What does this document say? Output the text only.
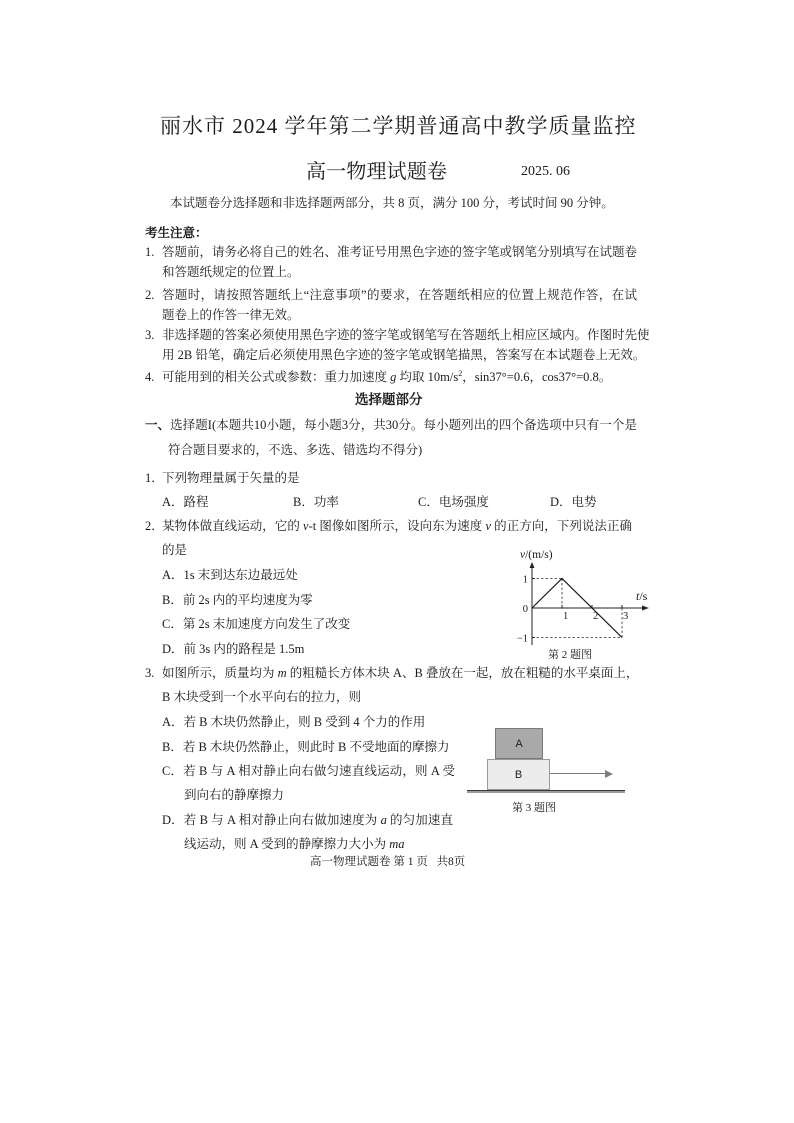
丽水市 2024 学年第二学期普通高中教学质量监控
高一物理试题卷	2025. 06
本试题卷分选择题和非选择题两部分，共 8 页，满分 100 分，考试时间 90 分钟。
考生注意：
1. 答题前，请务必将自己的姓名、准考证号用黑色字迹的签字笔或钢笔分别填写在试题卷
和答题纸规定的位置上。
2. 答题时，请按照答题纸上“注意事项”的要求，在答题纸相应的位置上规范作答，在试
题卷上的作答一律无效。
3. 非选择题的答案必须使用黑色字迹的签字笔或钢笔写在答题纸上相应区域内。作图时先使
用 2B 铅笔，确定后必须使用黑色字迹的签字笔或钢笔描黑，答案写在本试题卷上无效。
4. 可能用到的相关公式或参数：重力加速度 g 均取 $10m/s^2$，sin37°=0.6，cos37°=0.8。
选择题部分
一、选择题I(本题共10小题，每小题3分，共30分。每小题列出的四个备选项中只有一个是
符合题目要求的，不选、多选、错选均不得分)
1．
下列物理量属于矢量的是
A．路程	B．功率	C．电场强度	D．电势
2．
某物体做直线运动，它的 v-t 图像如图所示，设向东为速度 v 的正方向，下列说法正确
的是
A．1s 末到达东边最远处
B．前 2s 内的平均速度为零
C．第 2s 末加速度方向发生了改变
D．前 3s 内的路程是 1.5m
v/(m/s)
t/s
0
1
−1
1 2 3
第 2 题图
3. 如图所示，质量均为 m 的粗糙长方体木块 A、B 叠放在一起，放在粗糙的水平桌面上，
B 木块受到一个水平向右的拉力，则
A．若 B 木块仍然静止，则 B 受到 4 个力的作用
B．若 B 木块仍然静止，则此时 B 不受地面的摩擦力
C．若 B 与 A 相对静止向右做匀速直线运动，则 A 受
到向右的静摩擦力
D．若 B 与 A 相对静止向右做加速度为 a 的匀加速直
线运动，则 A 受到的静摩擦力大小为 ma
A
B
第 3 题图
高一物理试题卷 第 1 页   共8页
